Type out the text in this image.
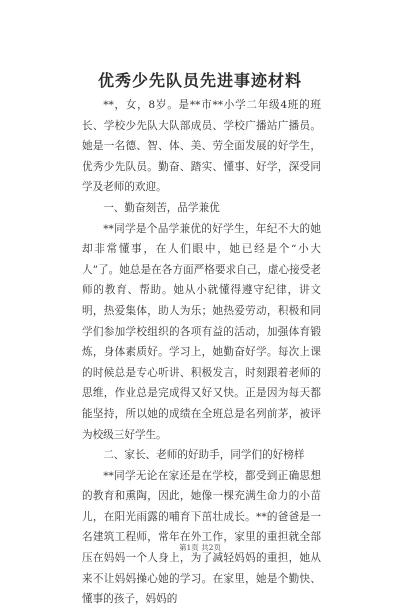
优秀少先队员先进事迹材料

**，女，8岁。是**市**小学二年级4班的班长、学校少先队大队部成员、学校广播站广播员。她是一名德、智、体、美、劳全面发展的好学生，优秀少先队员。勤奋、踏实、懂事、好学，深受同学及老师的欢迎。

一、勤奋刻苦，品学兼优

**同学是个品学兼优的好学生，年纪不大的她却非常懂事，在人们眼中，她已经是个“小大人”了。她总是在各方面严格要求自己，虚心接受老师的教育、帮助。她从小就懂得遵守纪律，讲文明，热爱集体，助人为乐；她热爱劳动，积极和同学们参加学校组织的各项有益的活动，加强体育锻炼，身体素质好。学习上，她勤奋好学。每次上课的时候总是专心听讲、积极发言，时刻跟着老师的思维，作业总是完成得又好又快。正是因为每天都能坚持，所以她的成绩在全班总是名列前茅，被评为校级三好学生。

二、家长、老师的好助手，同学们的好榜样

**同学无论在家还是在学校，都受到正确思想的教育和熏陶，因此，她像一棵充满生命力的小苗儿，在阳光雨露的哺育下茁壮成长。**的爸爸是一名建筑工程师，常年在外工作，家里的重担就全部压在妈妈一个人身上，为了减轻妈妈的重担，她从来不让妈妈操心她的学习。在家里，她是个勤快、懂事的孩子，妈妈的

第1页 共2页
